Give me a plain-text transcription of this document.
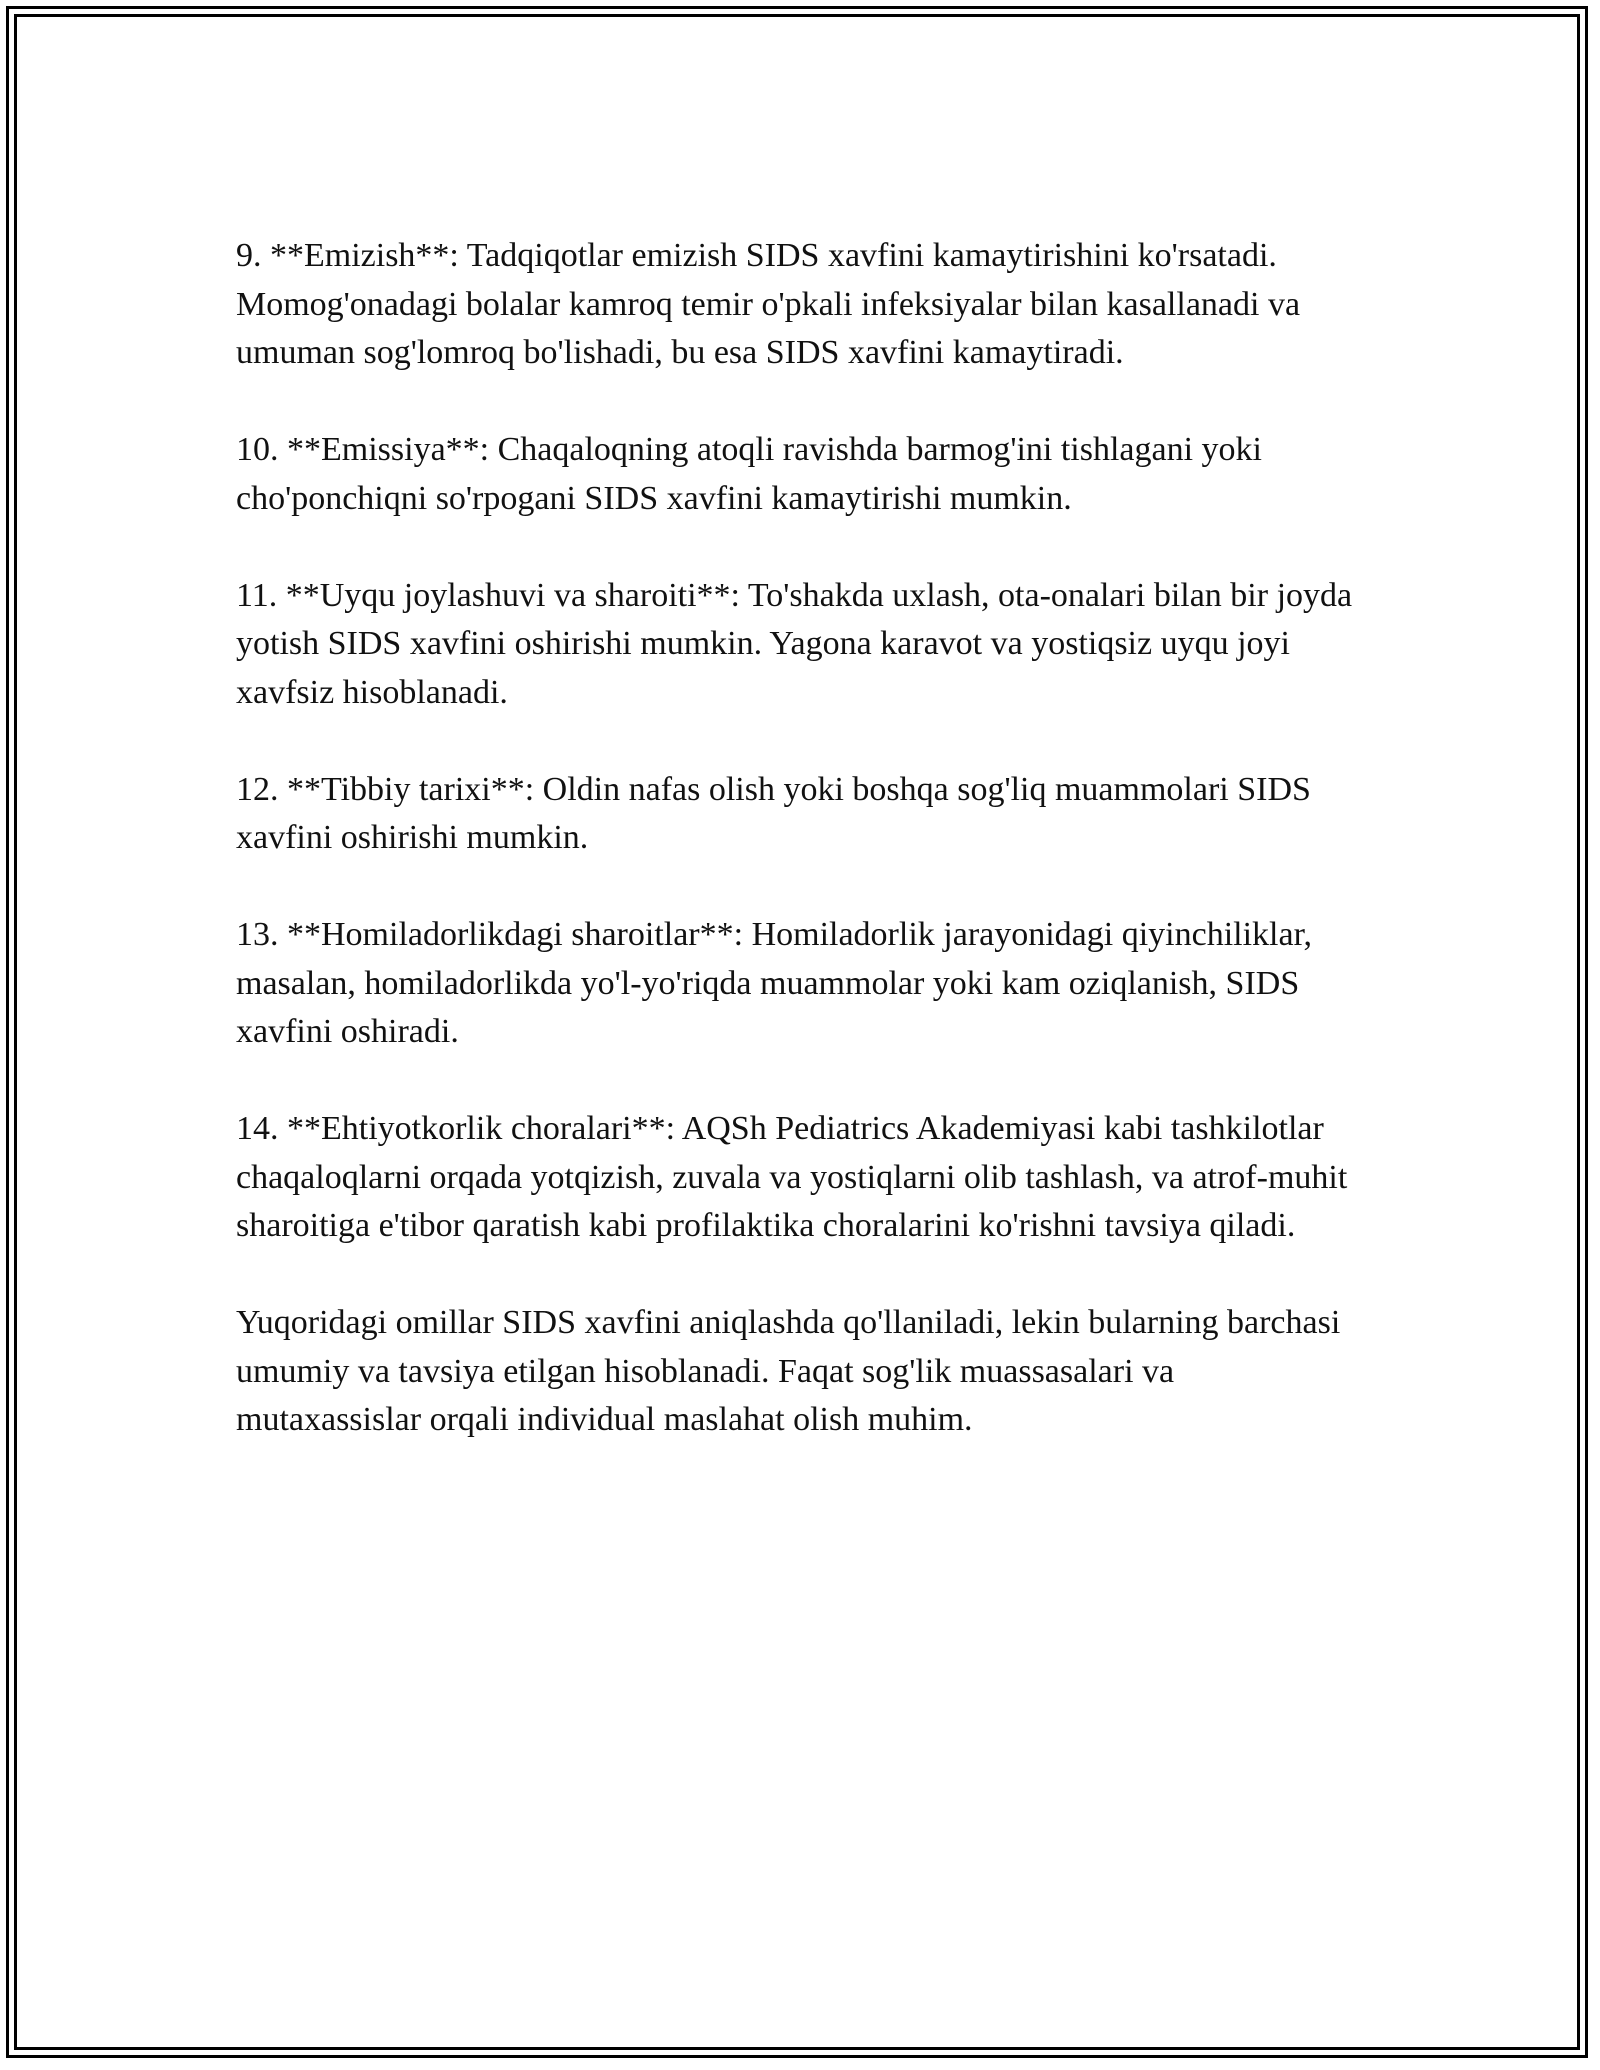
9. **Emizish**: Tadqiqotlar emizish SIDS xavfini kamaytirishini ko'rsatadi. Momog'onadagi bolalar kamroq temir o'pkali infeksiyalar bilan kasallanadi va umuman sog'lomroq bo'lishadi, bu esa SIDS xavfini kamaytiradi.

10. **Emissiya**: Chaqaloqning atoqli ravishda barmog'ini tishlagani yoki cho'ponchiqni so'rpogani SIDS xavfini kamaytirishi mumkin.

11. **Uyqu joylashuvi va sharoiti**: To'shakda uxlash, ota-onalari bilan bir joyda yotish SIDS xavfini oshirishi mumkin. Yagona karavot va yostiqsiz uyqu joyi xavfsiz hisoblanadi.

12. **Tibbiy tarixi**: Oldin nafas olish yoki boshqa sog'liq muammolari SIDS xavfini oshirishi mumkin.

13. **Homiladorlikdagi sharoitlar**: Homiladorlik jarayonidagi qiyinchiliklar, masalan, homiladorlikda yo'l-yo'riqda muammolar yoki kam oziqlanish, SIDS xavfini oshiradi.

14. **Ehtiyotkorlik choralari**: AQSh Pediatrics Akademiyasi kabi tashkilotlar chaqaloqlarni orqada yotqizish, zuvala va yostiqlarni olib tashlash, va atrof-muhit sharoitiga e'tibor qaratish kabi profilaktika choralarini ko'rishni tavsiya qiladi.

Yuqoridagi omillar SIDS xavfini aniqlashda qo'llaniladi, lekin bularning barchasi umumiy va tavsiya etilgan hisoblanadi. Faqat sog'lik muassasalari va mutaxassislar orqali individual maslahat olish muhim.
